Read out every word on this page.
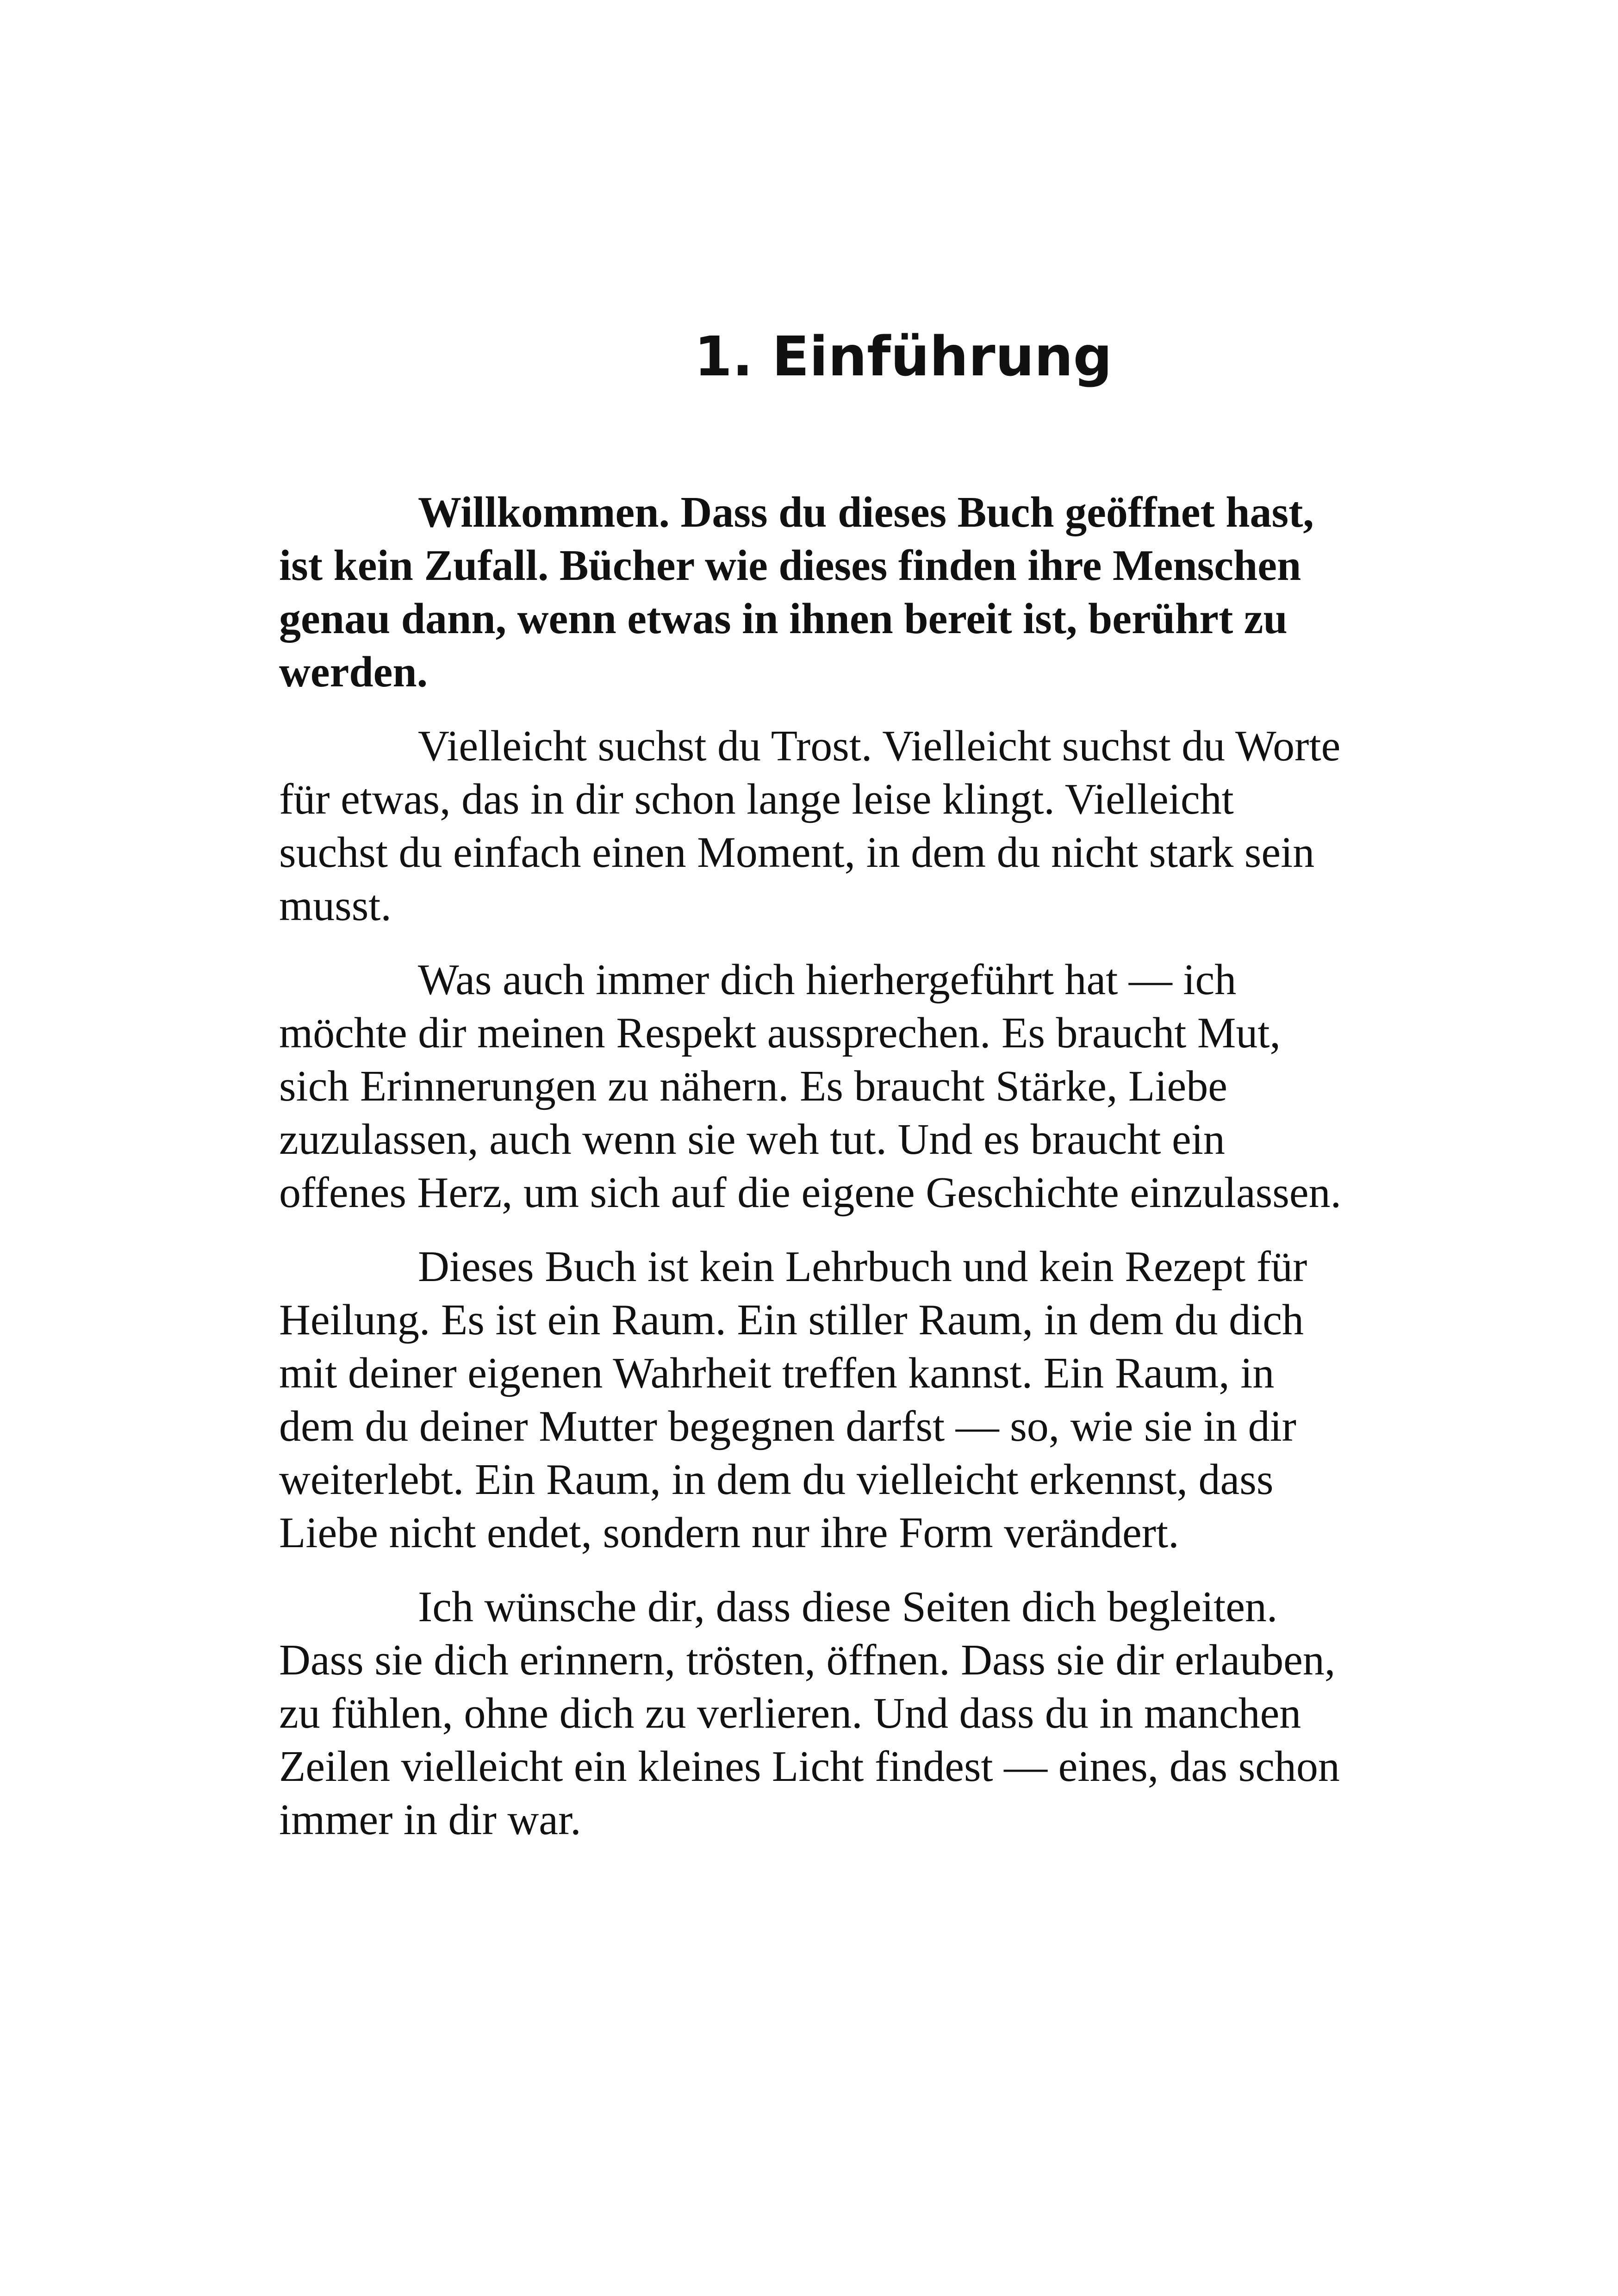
1. Einführung

Willkommen. Dass du dieses Buch geöffnet hast, ist kein Zufall. Bücher wie dieses finden ihre Menschen genau dann, wenn etwas in ihnen bereit ist, berührt zu werden.

Vielleicht suchst du Trost. Vielleicht suchst du Worte für etwas, das in dir schon lange leise klingt. Vielleicht suchst du einfach einen Moment, in dem du nicht stark sein musst.

Was auch immer dich hierhergeführt hat — ich möchte dir meinen Respekt aussprechen. Es braucht Mut, sich Erinnerungen zu nähern. Es braucht Stärke, Liebe zuzulassen, auch wenn sie weh tut. Und es braucht ein offenes Herz, um sich auf die eigene Geschichte einzulassen.

Dieses Buch ist kein Lehrbuch und kein Rezept für Heilung. Es ist ein Raum. Ein stiller Raum, in dem du dich mit deiner eigenen Wahrheit treffen kannst. Ein Raum, in dem du deiner Mutter begegnen darfst — so, wie sie in dir weiterlebt. Ein Raum, in dem du vielleicht erkennst, dass Liebe nicht endet, sondern nur ihre Form verändert.

Ich wünsche dir, dass diese Seiten dich begleiten. Dass sie dich erinnern, trösten, öffnen. Dass sie dir erlauben, zu fühlen, ohne dich zu verlieren. Und dass du in manchen Zeilen vielleicht ein kleines Licht findest — eines, das schon immer in dir war.
